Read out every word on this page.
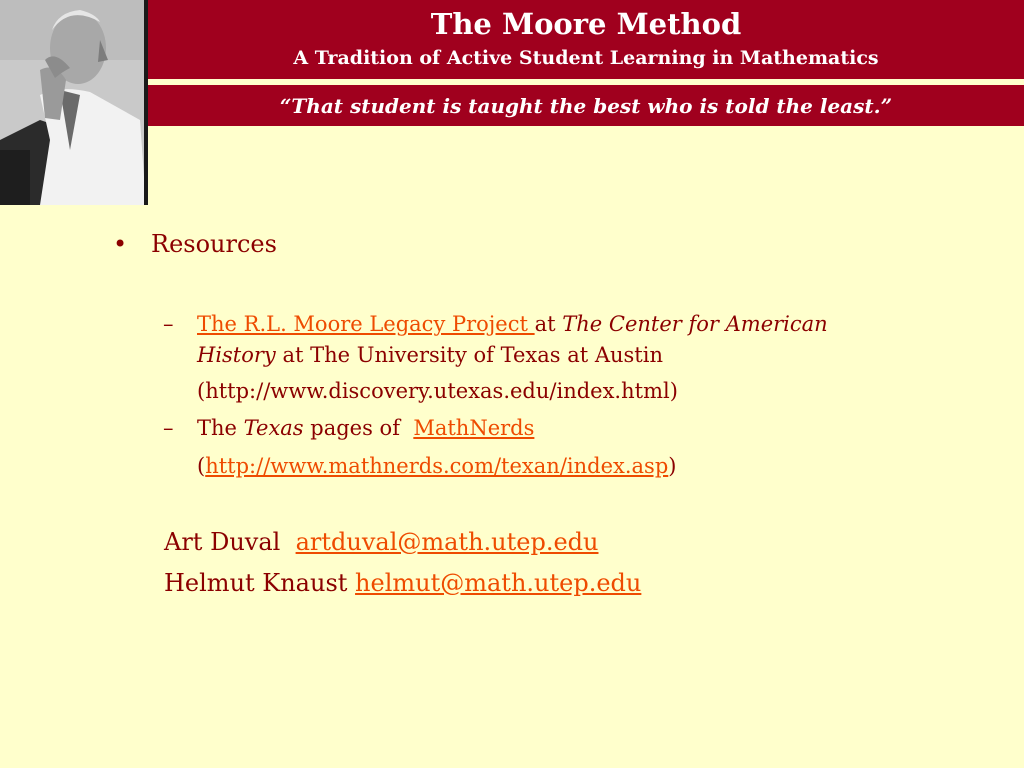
The Moore Method
A Tradition of Active Student Learning in Mathematics
“That student is taught the best who is told the least.”
• Resources
– The R.L. Moore Legacy Project at The Center for American
History at The University of Texas at Austin
(http://www.discovery.utexas.edu/index.html)
– The Texas pages of  MathNerds
(http://www.mathnerds.com/texan/index.asp)
Art Duval  artduval@math.utep.edu
Helmut Knaust helmut@math.utep.edu
